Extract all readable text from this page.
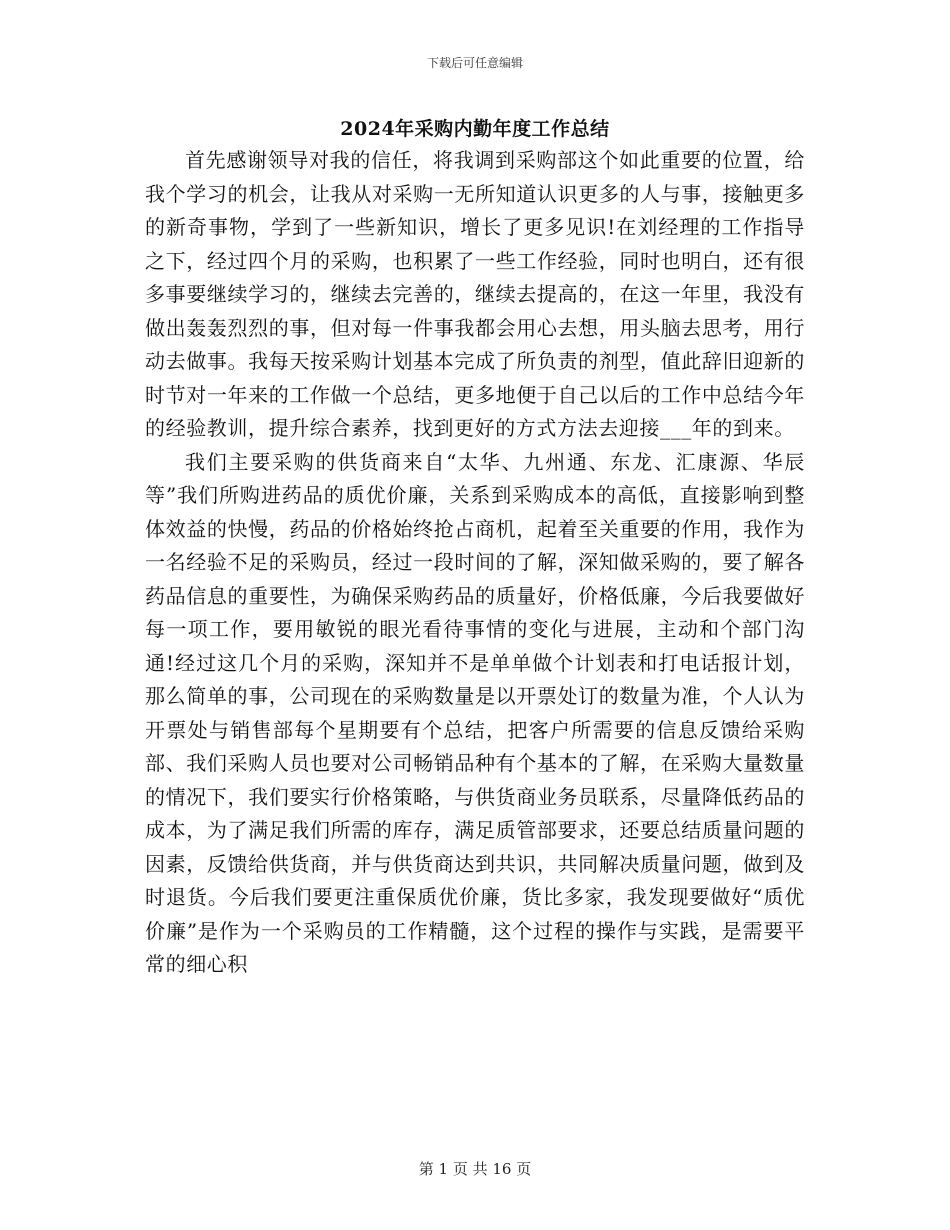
下载后可任意编辑
2024年采购内勤年度工作总结

首先感谢领导对我的信任，将我调到采购部这个如此重要的位置，给我个学习的机会，让我从对采购一无所知道认识更多的人与事，接触更多的新奇事物，学到了一些新知识，增长了更多见识!在刘经理的工作指导之下，经过四个月的采购，也积累了一些工作经验，同时也明白，还有很多事要继续学习的，继续去完善的，继续去提高的，在这一年里，我没有做出轰轰烈烈的事，但对每一件事我都会用心去想，用头脑去思考，用行动去做事。我每天按采购计划基本完成了所负责的剂型，值此辞旧迎新的时节对一年来的工作做一个总结，更多地便于自己以后的工作中总结今年的经验教训，提升综合素养，找到更好的方式方法去迎接___年的到来。

我们主要采购的供货商来自“太华、九州通、东龙、汇康源、华辰等”我们所购进药品的质优价廉，关系到采购成本的高低，直接影响到整体效益的快慢，药品的价格始终抢占商机，起着至关重要的作用，我作为一名经验不足的采购员，经过一段时间的了解，深知做采购的，要了解各药品信息的重要性，为确保采购药品的质量好，价格低廉，今后我要做好每一项工作，要用敏锐的眼光看待事情的变化与进展，主动和个部门沟通!经过这几个月的采购，深知并不是单单做个计划表和打电话报计划，那么简单的事，公司现在的采购数量是以开票处订的数量为准，个人认为开票处与销售部每个星期要有个总结，把客户所需要的信息反馈给采购部、我们采购人员也要对公司畅销品种有个基本的了解，在采购大量数量的情况下，我们要实行价格策略，与供货商业务员联系，尽量降低药品的成本，为了满足我们所需的库存，满足质管部要求，还要总结质量问题的因素，反馈给供货商，并与供货商达到共识，共同解决质量问题，做到及时退货。今后我们要更注重保质优价廉，货比多家，我发现要做好“质优价廉”是作为一个采购员的工作精髓，这个过程的操作与实践，是需要平常的细心积

第 1 页 共 16 页
